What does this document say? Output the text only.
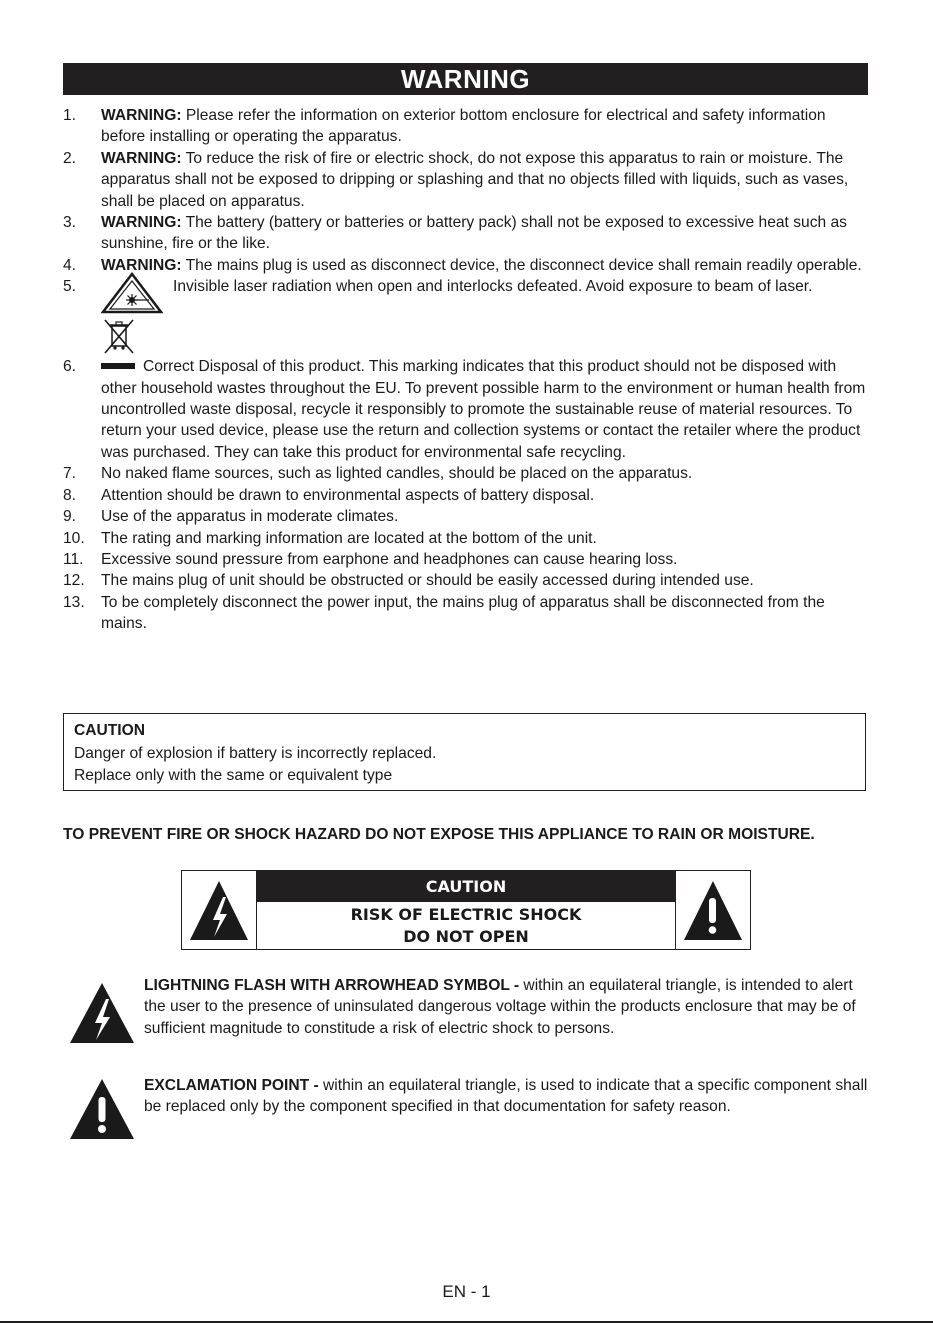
WARNING
1. WARNING: Please refer the information on exterior bottom enclosure for electrical and safety information before installing or operating the apparatus.
2. WARNING: To reduce the risk of fire or electric shock, do not expose this apparatus to rain or moisture. The apparatus shall not be exposed to dripping or splashing and that no objects filled with liquids, such as vases, shall be placed on apparatus.
3. WARNING: The battery (battery or batteries or battery pack) shall not be exposed to excessive heat such as sunshine, fire or the like.
4. WARNING: The mains plug is used as disconnect device, the disconnect device shall remain readily operable.
5.	Invisible laser radiation when open and interlocks defeated. Avoid exposure to beam of laser.
6.	Correct Disposal of this product. This marking indicates that this product should not be disposed with other household wastes throughout the EU. To prevent possible harm to the environment or human health from uncontrolled waste disposal, recycle it responsibly to promote the sustainable reuse of material resources. To return your used device, please use the return and collection systems or contact the retailer where the product was purchased. They can take this product for environmental safe recycling.
7. No naked flame sources, such as lighted candles, should be placed on the apparatus.
8. Attention should be drawn to environmental aspects of battery disposal.
9. Use of the apparatus in moderate climates.
10. The rating and marking information are located at the bottom of the unit.
11. Excessive sound pressure from earphone and headphones can cause hearing loss.
12. The mains plug of unit should be obstructed or should be easily accessed during intended use.
13. To be completely disconnect the power input, the mains plug of apparatus shall be disconnected from the mains.
CAUTION
Danger of explosion if battery is incorrectly replaced.
Replace only with the same or equivalent type
TO PREVENT FIRE OR SHOCK HAZARD DO NOT EXPOSE THIS APPLIANCE TO RAIN OR MOISTURE.
CAUTION
RISK OF ELECTRIC SHOCK
DO NOT OPEN
LIGHTNING FLASH WITH ARROWHEAD SYMBOL - within an equilateral triangle, is intended to alert the user to the presence of uninsulated dangerous voltage within the products enclosure that may be of sufficient magnitude to constitude a risk of electric shock to persons.
EXCLAMATION POINT - within an equilateral triangle, is used to indicate that a specific component shall be replaced only by the component specified in that documentation for safety reason.
EN - 1
